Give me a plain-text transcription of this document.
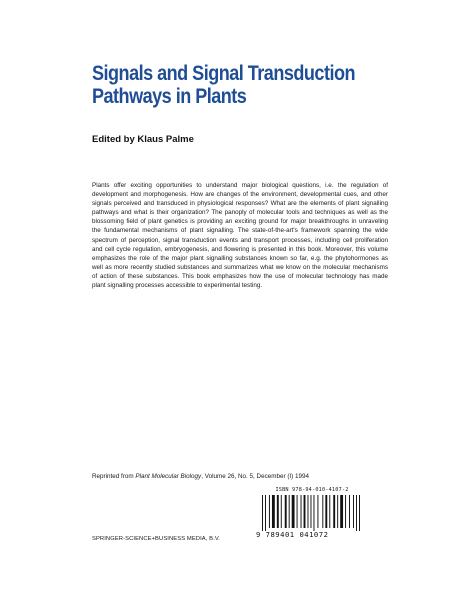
Signals and Signal Transduction
Pathways in Plants
Edited by Klaus Palme

Plants offer exciting opportunities to understand major biological questions, i.e. the regulation of development and morphogenesis. How are changes of the environment, developmental cues, and other signals perceived and transduced in physiological responses? What are the elements of plant signalling pathways and what is their organization? The panoply of molecular tools and techniques as well as the blossoming field of plant genetics is providing an exciting ground for major breakthroughs in unraveling the fundamental mechanisms of plant signalling. The state-of-the-art's framework spanning the wide spectrum of perception, signal transduction events and transport processes, including cell proliferation and cell cycle regulation, embryogenesis, and flowering is presented in this book. Moreover, this volume emphasizes the role of the major plant signalling substances known so far, e.g. the phytohormones as well as more recently studied substances and summarizes what we know on the molecular mechanisms of action of these substances. This book emphasizes how the use of molecular technology has made plant signalling processes accessible to experimental testing.

Reprinted from Plant Molecular Biology, Volume 26, No. 5, December (I) 1994
ISBN 978-94-010-4107-2
9 789401 041072
SPRINGER-SCIENCE+BUSINESS MEDIA, B.V.
